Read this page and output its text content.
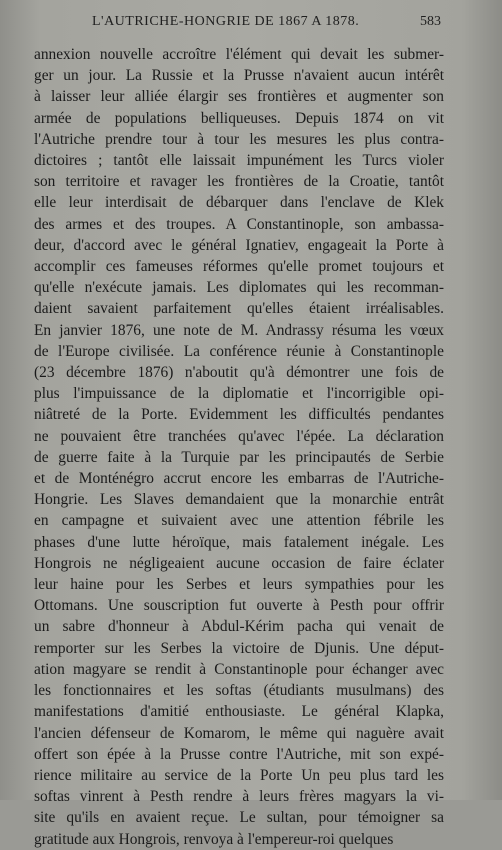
L'AUTRICHE-HONGRIE DE 1867 A 1878.	583
annexion nouvelle accroître l'élément qui devait les submer-
ger un jour. La Russie et la Prusse n'avaient aucun intérêt
à laisser leur alliée élargir ses frontières et augmenter son
armée de populations belliqueuses. Depuis 1874 on vit
l'Autriche prendre tour à tour les mesures les plus contra-
dictoires ; tantôt elle laissait impunément les Turcs violer
son territoire et ravager les frontières de la Croatie, tantôt
elle leur interdisait de débarquer dans l'enclave de Klek
des armes et des troupes. A Constantinople, son ambassa-
deur, d'accord avec le général Ignatiev, engageait la Porte à
accomplir ces fameuses réformes qu'elle promet toujours et
qu'elle n'exécute jamais. Les diplomates qui les recomman-
daient savaient parfaitement qu'elles étaient irréalisables.
En janvier 1876, une note de M. Andrassy résuma les vœux
de l'Europe civilisée. La conférence réunie à Constantinople
(23 décembre 1876) n'aboutit qu'à démontrer une fois de
plus l'impuissance de la diplomatie et l'incorrigible opi-
niâtreté de la Porte. Evidemment les difficultés pendantes
ne pouvaient être tranchées qu'avec l'épée. La déclaration
de guerre faite à la Turquie par les principautés de Serbie
et de Monténégro accrut encore les embarras de l'Autriche-
Hongrie. Les Slaves demandaient que la monarchie entrât
en campagne et suivaient avec une attention fébrile les
phases d'une lutte héroïque, mais fatalement inégale. Les
Hongrois ne négligeaient aucune occasion de faire éclater
leur haine pour les Serbes et leurs sympathies pour les
Ottomans. Une souscription fut ouverte à Pesth pour offrir
un sabre d'honneur à Abdul-Kérim pacha qui venait de
remporter sur les Serbes la victoire de Djunis. Une déput-
ation magyare se rendit à Constantinople pour échanger avec
les fonctionnaires et les softas (étudiants musulmans) des
manifestations d'amitié enthousiaste. Le général Klapka,
l'ancien défenseur de Komarom, le même qui naguère avait
offert son épée à la Prusse contre l'Autriche, mit son expé-
rience militaire au service de la Porte Un peu plus tard les
softas vinrent à Pesth rendre à leurs frères magyars la vi-
site qu'ils en avaient reçue. Le sultan, pour témoigner sa
gratitude aux Hongrois, renvoya à l'empereur-roi quelques
